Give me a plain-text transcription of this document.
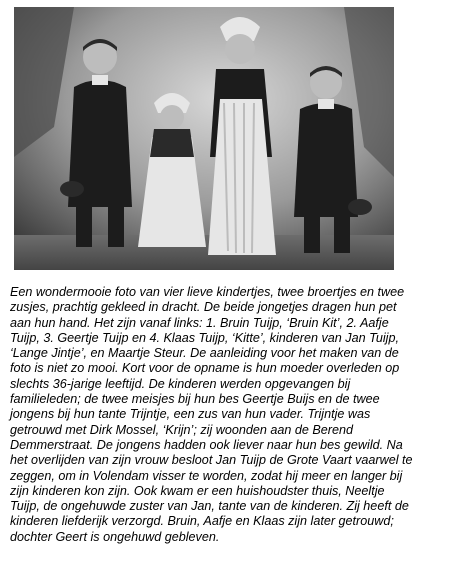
Een wondermooie foto van vier lieve kindertjes, twee broertjes en twee
zusjes, prachtig gekleed in dracht. De beide jongetjes dragen hun pet
aan hun hand. Het zijn vanaf links: 1. Bruin Tuijp, ‘Bruin Kit’, 2. Aafje
Tuijp, 3. Geertje Tuijp en 4. Klaas Tuijp, ‘Kitte’, kinderen van Jan Tuijp,
‘Lange Jintje’, en Maartje Steur. De aanleiding voor het maken van de
foto is niet zo mooi. Kort voor de opname is hun moeder overleden op
slechts 36-jarige leeftijd. De kinderen werden opgevangen bij
familieleden; de twee meisjes bij hun bes Geertje Buijs en de twee
jongens bij hun tante Trijntje, een zus van hun vader. Trijntje was
getrouwd met Dirk Mossel, ‘Krijn’; zij woonden aan de Berend
Demmerstraat. De jongens hadden ook liever naar hun bes gewild. Na
het overlijden van zijn vrouw besloot Jan Tuijp de Grote Vaart vaarwel te
zeggen, om in Volendam visser te worden, zodat hij meer en langer bij
zijn kinderen kon zijn. Ook kwam er een huishoudster thuis, Neeltje
Tuijp, de ongehuwde zuster van Jan, tante van de kinderen. Zij heeft de
kinderen liefderijk verzorgd. Bruin, Aafje en Klaas zijn later getrouwd;
dochter Geert is ongehuwd gebleven.
